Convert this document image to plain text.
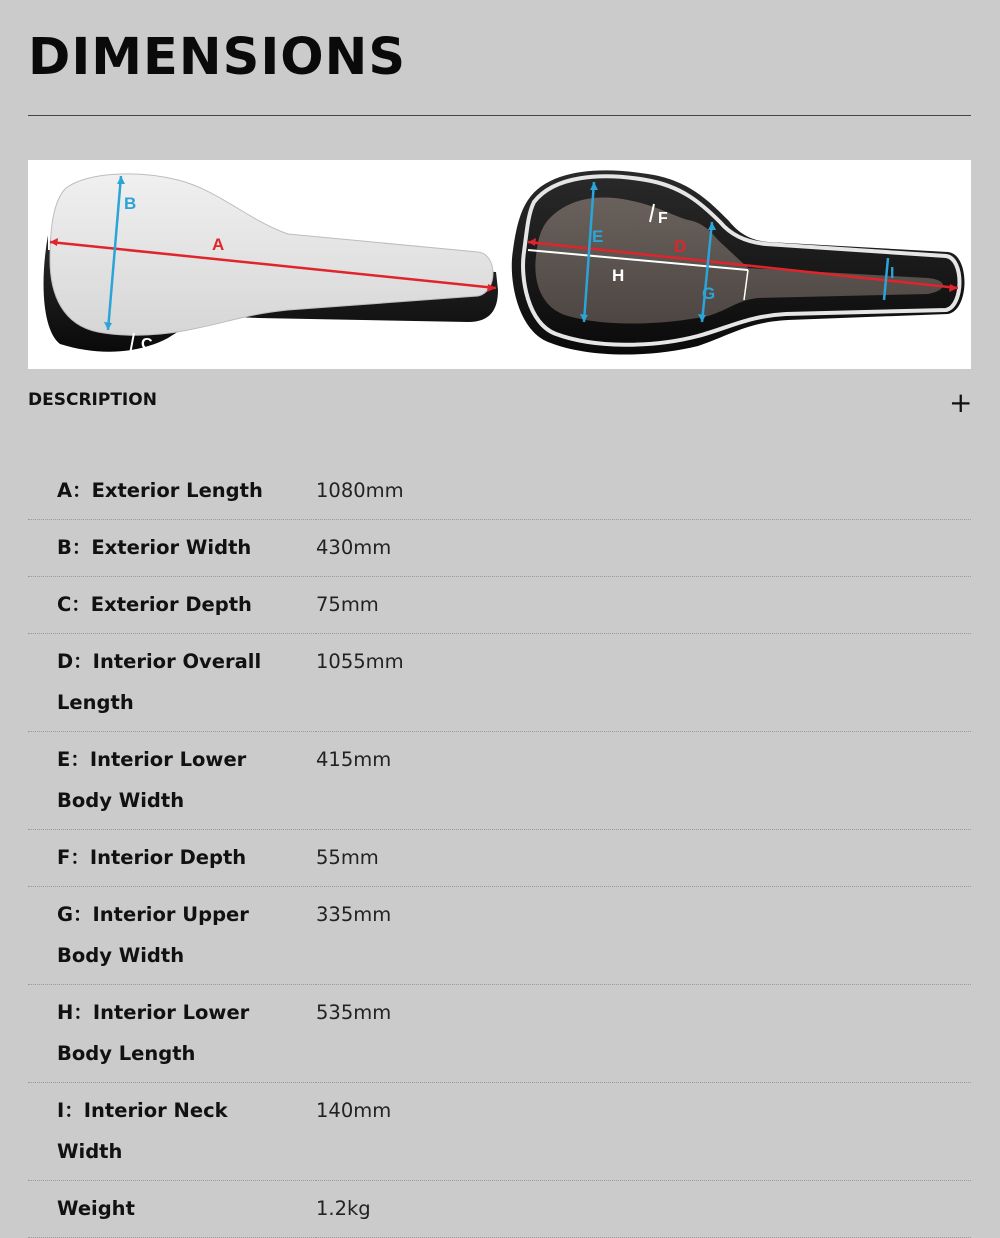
DIMENSIONS
A
B
C
D
E
F
G
H	I
DESCRIPTION	+
A：Exterior Length	1080mm
B：Exterior Width	430mm
C：Exterior Depth	75mm
D：Interior Overall Length	1055mm
E：Interior Lower Body Width	415mm
F：Interior Depth	55mm
G：Interior Upper Body Width	335mm
H：Interior Lower Body Length	535mm
I：Interior Neck Width	140mm
Weight	1.2kg
